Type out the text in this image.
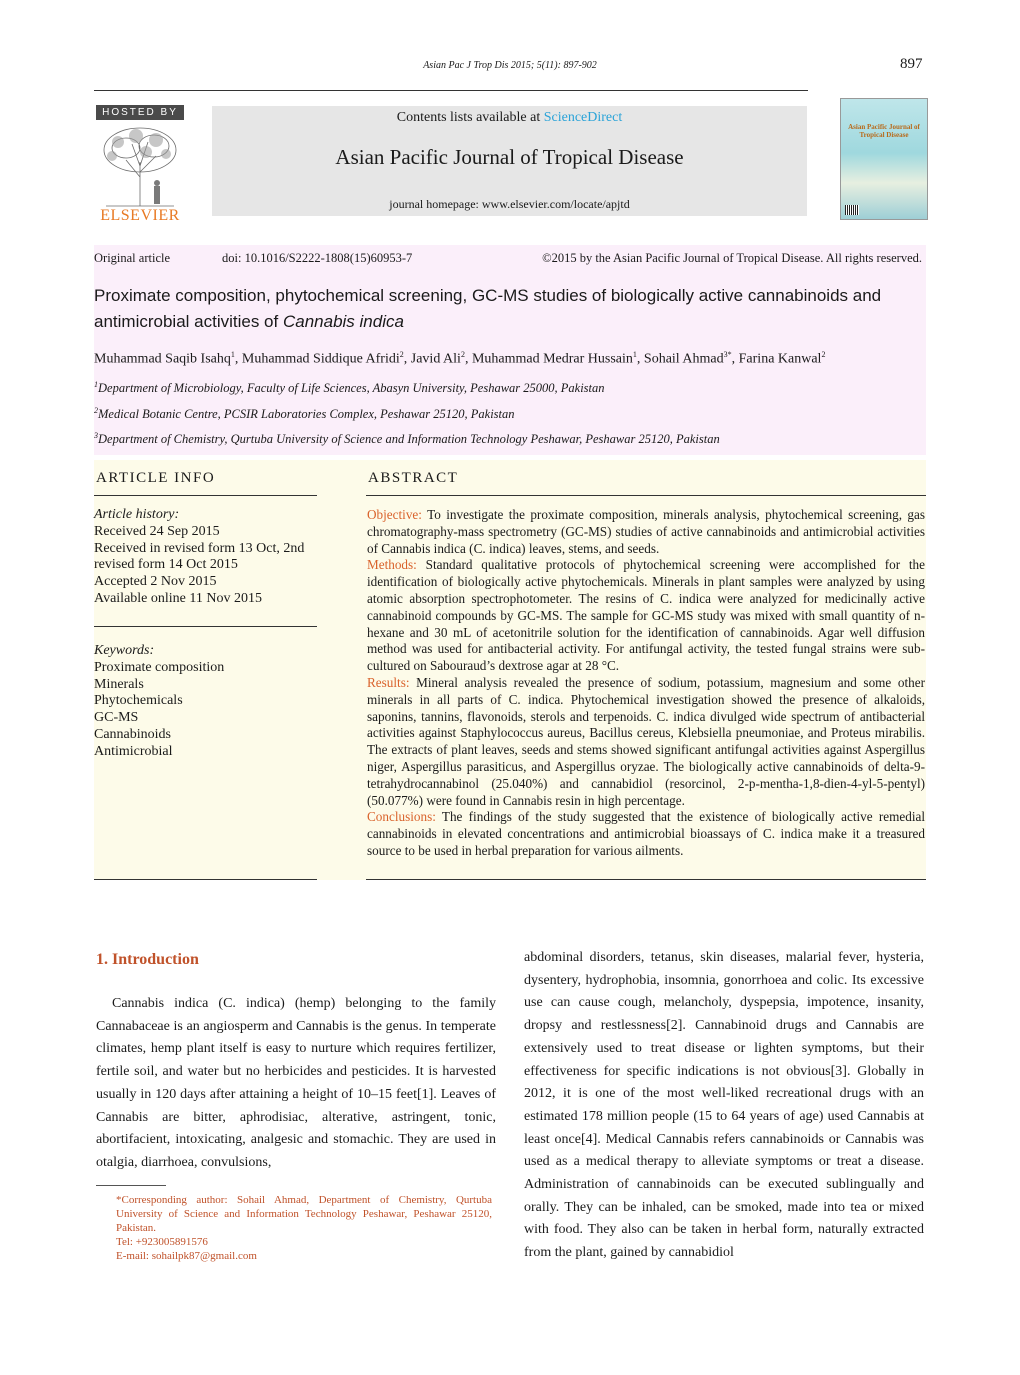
Asian Pac J Trop Dis 2015; 5(11): 897-902	897
HOSTED BY
ELSEVIER
Contents lists available at ScienceDirect
Asian Pacific Journal of Tropical Disease
journal homepage: www.elsevier.com/locate/apjtd
Asian Pacific Journal of Tropical Disease
Original article	doi: 10.1016/S2222-1808(15)60953-7	©2015 by the Asian Pacific Journal of Tropical Disease. All rights reserved.
Proximate composition, phytochemical screening, GC-MS studies of biologically active cannabinoids and antimicrobial activities of Cannabis indica
Muhammad Saqib Isahq$^1$, Muhammad Siddique Afridi$^2$, Javid Ali$^2$, Muhammad Medrar Hussain$^1$, Sohail Ahmad$^{3*}$, Farina Kanwal$^2$
$^1$Department of Microbiology, Faculty of Life Sciences, Abasyn University, Peshawar 25000, Pakistan
$^2$Medical Botanic Centre, PCSIR Laboratories Complex, Peshawar 25120, Pakistan
$^3$Department of Chemistry, Qurtuba University of Science and Information Technology Peshawar, Peshawar 25120, Pakistan
ARTICLE INFO	ABSTRACT
Article history:
Received 24 Sep 2015
Received in revised form 13 Oct, 2nd revised form 14 Oct 2015
Accepted 2 Nov 2015
Available online 11 Nov 2015
Keywords:
Proximate composition
Minerals
Phytochemicals
GC-MS
Cannabinoids
Antimicrobial
Objective: To investigate the proximate composition, minerals analysis, phytochemical screening, gas chromatography-mass spectrometry (GC-MS) studies of active cannabinoids and antimicrobial activities of Cannabis indica (C. indica) leaves, stems, and seeds.
Methods: Standard qualitative protocols of phytochemical screening were accomplished for the identification of biologically active phytochemicals. Minerals in plant samples were analyzed by using atomic absorption spectrophotometer. The resins of C. indica were analyzed for medicinally active cannabinoid compounds by GC-MS. The sample for GC-MS study was mixed with small quantity of n-hexane and 30 mL of acetonitrile solution for the identification of cannabinoids. Agar well diffusion method was used for antibacterial activity. For antifungal activity, the tested fungal strains were sub-cultured on Sabouraud’s dextrose agar at 28 °C.
Results: Mineral analysis revealed the presence of sodium, potassium, magnesium and some other minerals in all parts of C. indica. Phytochemical investigation showed the presence of alkaloids, saponins, tannins, flavonoids, sterols and terpenoids. C. indica divulged wide spectrum of antibacterial activities against Staphylococcus aureus, Bacillus cereus, Klebsiella pneumoniae, and Proteus mirabilis. The extracts of plant leaves, seeds and stems showed significant antifungal activities against Aspergillus niger, Aspergillus parasiticus, and Aspergillus oryzae. The biologically active cannabinoids of delta-9-tetrahydrocannabinol (25.040%) and cannabidiol (resorcinol, 2-p-mentha-1,8-dien-4-yl-5-pentyl) (50.077%) were found in Cannabis resin in high percentage.
Conclusions: The findings of the study suggested that the existence of biologically active remedial cannabinoids in elevated concentrations and antimicrobial bioassays of C. indica make it a treasured source to be used in herbal preparation for various ailments.
1. Introduction

Cannabis indica (C. indica) (hemp) belonging to the family Cannabaceae is an angiosperm and Cannabis is the genus. In temperate climates, hemp plant itself is easy to nurture which requires fertilizer, fertile soil, and water but no herbicides and pesticides. It is harvested usually in 120 days after attaining a height of 10–15 feet[1]. Leaves of Cannabis are bitter, aphrodisiac, alterative, astringent, tonic, abortifacient, intoxicating, analgesic and stomachic. They are used in otalgia, diarrhoea, convulsions,

abdominal disorders, tetanus, skin diseases, malarial fever, hysteria, dysentery, hydrophobia, insomnia, gonorrhoea and colic. Its excessive use can cause cough, melancholy, dyspepsia, impotence, insanity, dropsy and restlessness[2]. Cannabinoid drugs and Cannabis are extensively used to treat disease or lighten symptoms, but their effectiveness for specific indications is not obvious[3]. Globally in 2012, it is one of the most well-liked recreational drugs with an estimated 178 million people (15 to 64 years of age) used Cannabis at least once[4]. Medical Cannabis refers cannabinoids or Cannabis was used as a medical therapy to alleviate symptoms or treat a disease. Administration of cannabinoids can be executed sublingually and orally. They can be inhaled, can be smoked, made into tea or mixed with food. They also can be taken in herbal form, naturally extracted from the plant, gained by cannabidiol

*Corresponding author: Sohail Ahmad, Department of Chemistry, Qurtuba University of Science and Information Technology Peshawar, Peshawar 25120, Pakistan.
Tel: +923005891576
E-mail: sohailpk87@gmail.com
